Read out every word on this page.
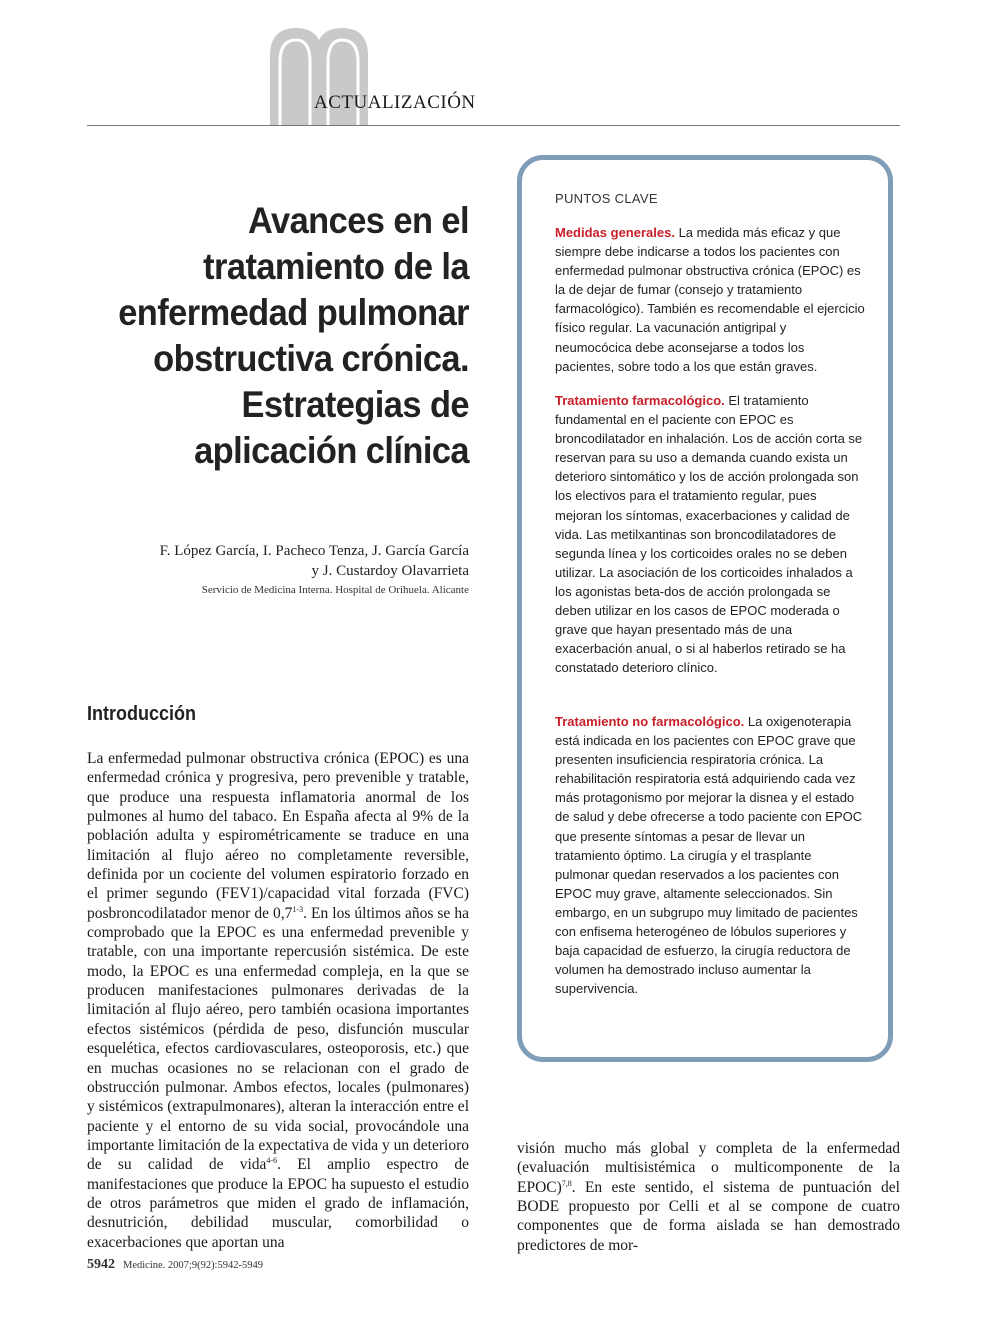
ACTUALIZACIÓN
Avances en el tratamiento de la enfermedad pulmonar obstructiva crónica. Estrategias de aplicación clínica
F. López García, I. Pacheco Tenza, J. García García
y J. Custardoy Olavarrieta
Servicio de Medicina Interna. Hospital de Orihuela. Alicante
Introducción
La enfermedad pulmonar obstructiva crónica (EPOC) es una enfermedad crónica y progresiva, pero prevenible y tratable, que produce una respuesta inflamatoria anormal de los pulmones al humo del tabaco. En España afecta al 9% de la población adulta y espirométricamente se traduce en una limitación al flujo aéreo no completamente reversible, definida por un cociente del volumen espiratorio forzado en el primer segundo (FEV1)/capacidad vital forzada (FVC) posbroncodilatador menor de 0,7$^{1-3}$. En los últimos años se ha comprobado que la EPOC es una enfermedad prevenible y tratable, con una importante repercusión sistémica. De este modo, la EPOC es una enfermedad compleja, en la que se producen manifestaciones pulmonares derivadas de la limitación al flujo aéreo, pero también ocasiona importantes efectos sistémicos (pérdida de peso, disfunción muscular esquelética, efectos cardiovasculares, osteoporosis, etc.) que en muchas ocasiones no se relacionan con el grado de obstrucción pulmonar. Ambos efectos, locales (pulmonares) y sistémicos (extrapulmonares), alteran la interacción entre el paciente y el entorno de su vida social, provocándole una importante limitación de la expectativa de vida y un deterioro de su calidad de vida$^{4-6}$. El amplio espectro de manifestaciones que produce la EPOC ha supuesto el estudio de otros parámetros que miden el grado de inflamación, desnutrición, debilidad muscular, comorbilidad o exacerbaciones que aportan una
visión mucho más global y completa de la enfermedad (evaluación multisistémica o multicomponente de la EPOC)$^{7,8}$. En este sentido, el sistema de puntuación del BODE propuesto por Celli et al se compone de cuatro componentes que de forma aislada se han demostrado predictores de mor-
PUNTOS CLAVE
Medidas generales. La medida más eficaz y que siempre debe indicarse a todos los pacientes con enfermedad pulmonar obstructiva crónica (EPOC) es la de dejar de fumar (consejo y tratamiento farmacológico). También es recomendable el ejercicio físico regular. La vacunación antigripal y neumocócica debe aconsejarse a todos los pacientes, sobre todo a los que están graves.
Tratamiento farmacológico. El tratamiento fundamental en el paciente con EPOC es broncodilatador en inhalación. Los de acción corta se reservan para su uso a demanda cuando exista un deterioro sintomático y los de acción prolongada son los electivos para el tratamiento regular, pues mejoran los síntomas, exacerbaciones y calidad de vida. Las metilxantinas son broncodilatadores de segunda línea y los corticoides orales no se deben utilizar. La asociación de los corticoides inhalados a los agonistas beta-dos de acción prolongada se deben utilizar en los casos de EPOC moderada o grave que hayan presentado más de una exacerbación anual, o si al haberlos retirado se ha constatado deterioro clínico.
Tratamiento no farmacológico. La oxigenoterapia está indicada en los pacientes con EPOC grave que presenten insuficiencia respiratoria crónica. La rehabilitación respiratoria está adquiriendo cada vez más protagonismo por mejorar la disnea y el estado de salud y debe ofrecerse a todo paciente con EPOC que presente síntomas a pesar de llevar un tratamiento óptimo. La cirugía y el trasplante pulmonar quedan reservados a los pacientes con EPOC muy grave, altamente seleccionados. Sin embargo, en un subgrupo muy limitado de pacientes con enfisema heterogéneo de lóbulos superiores y baja capacidad de esfuerzo, la cirugía reductora de volumen ha demostrado incluso aumentar la supervivencia.
5942 Medicine. 2007;9(92):5942-5949
